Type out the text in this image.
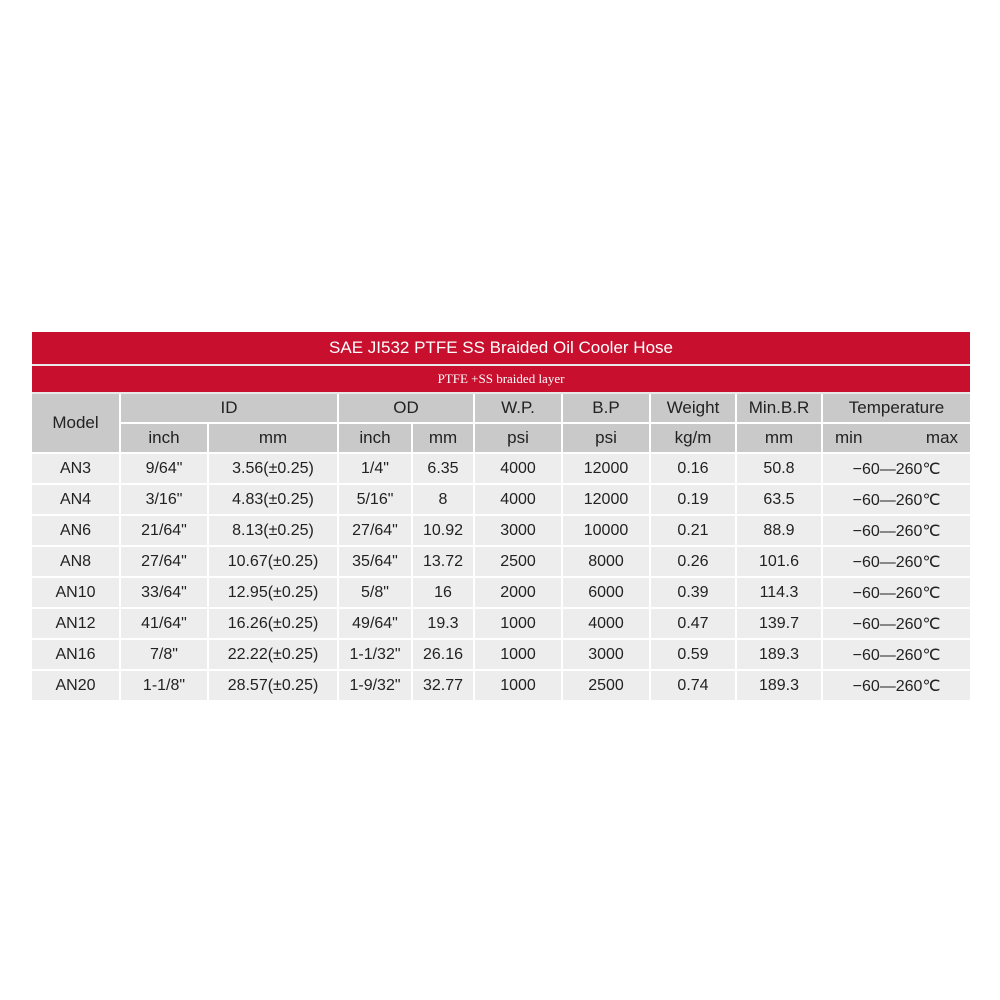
SAE JI532 PTFE SS Braided Oil Cooler Hose									
PTFE +SS braided layer									
Model	ID		OD		W.P.	B.P	Weight	Min.B.R	Temperature
	inch	mm	inch	mm	psi	psi	kg/m	mm	min max

AN3	9/64"	3.56(±0.25)	1/4"	6.35	4000	12000	0.16	50.8	−60—260℃
AN4	3/16"	4.83(±0.25)	5/16"	8	4000	12000	0.19	63.5	−60—260℃
AN6	21/64"	8.13(±0.25)	27/64"	10.92	3000	10000	0.21	88.9	−60—260℃
AN8	27/64"	10.67(±0.25)	35/64"	13.72	2500	8000	0.26	101.6	−60—260℃
AN10	33/64"	12.95(±0.25)	5/8"	16	2000	6000	0.39	114.3	−60—260℃
AN12	41/64"	16.26(±0.25)	49/64"	19.3	1000	4000	0.47	139.7	−60—260℃
AN16	7/8"	22.22(±0.25)	1-1/32"	26.16	1000	3000	0.59	189.3	−60—260℃
AN20	1-1/8"	28.57(±0.25)	1-9/32"	32.77	1000	2500	0.74	189.3	−60—260℃
